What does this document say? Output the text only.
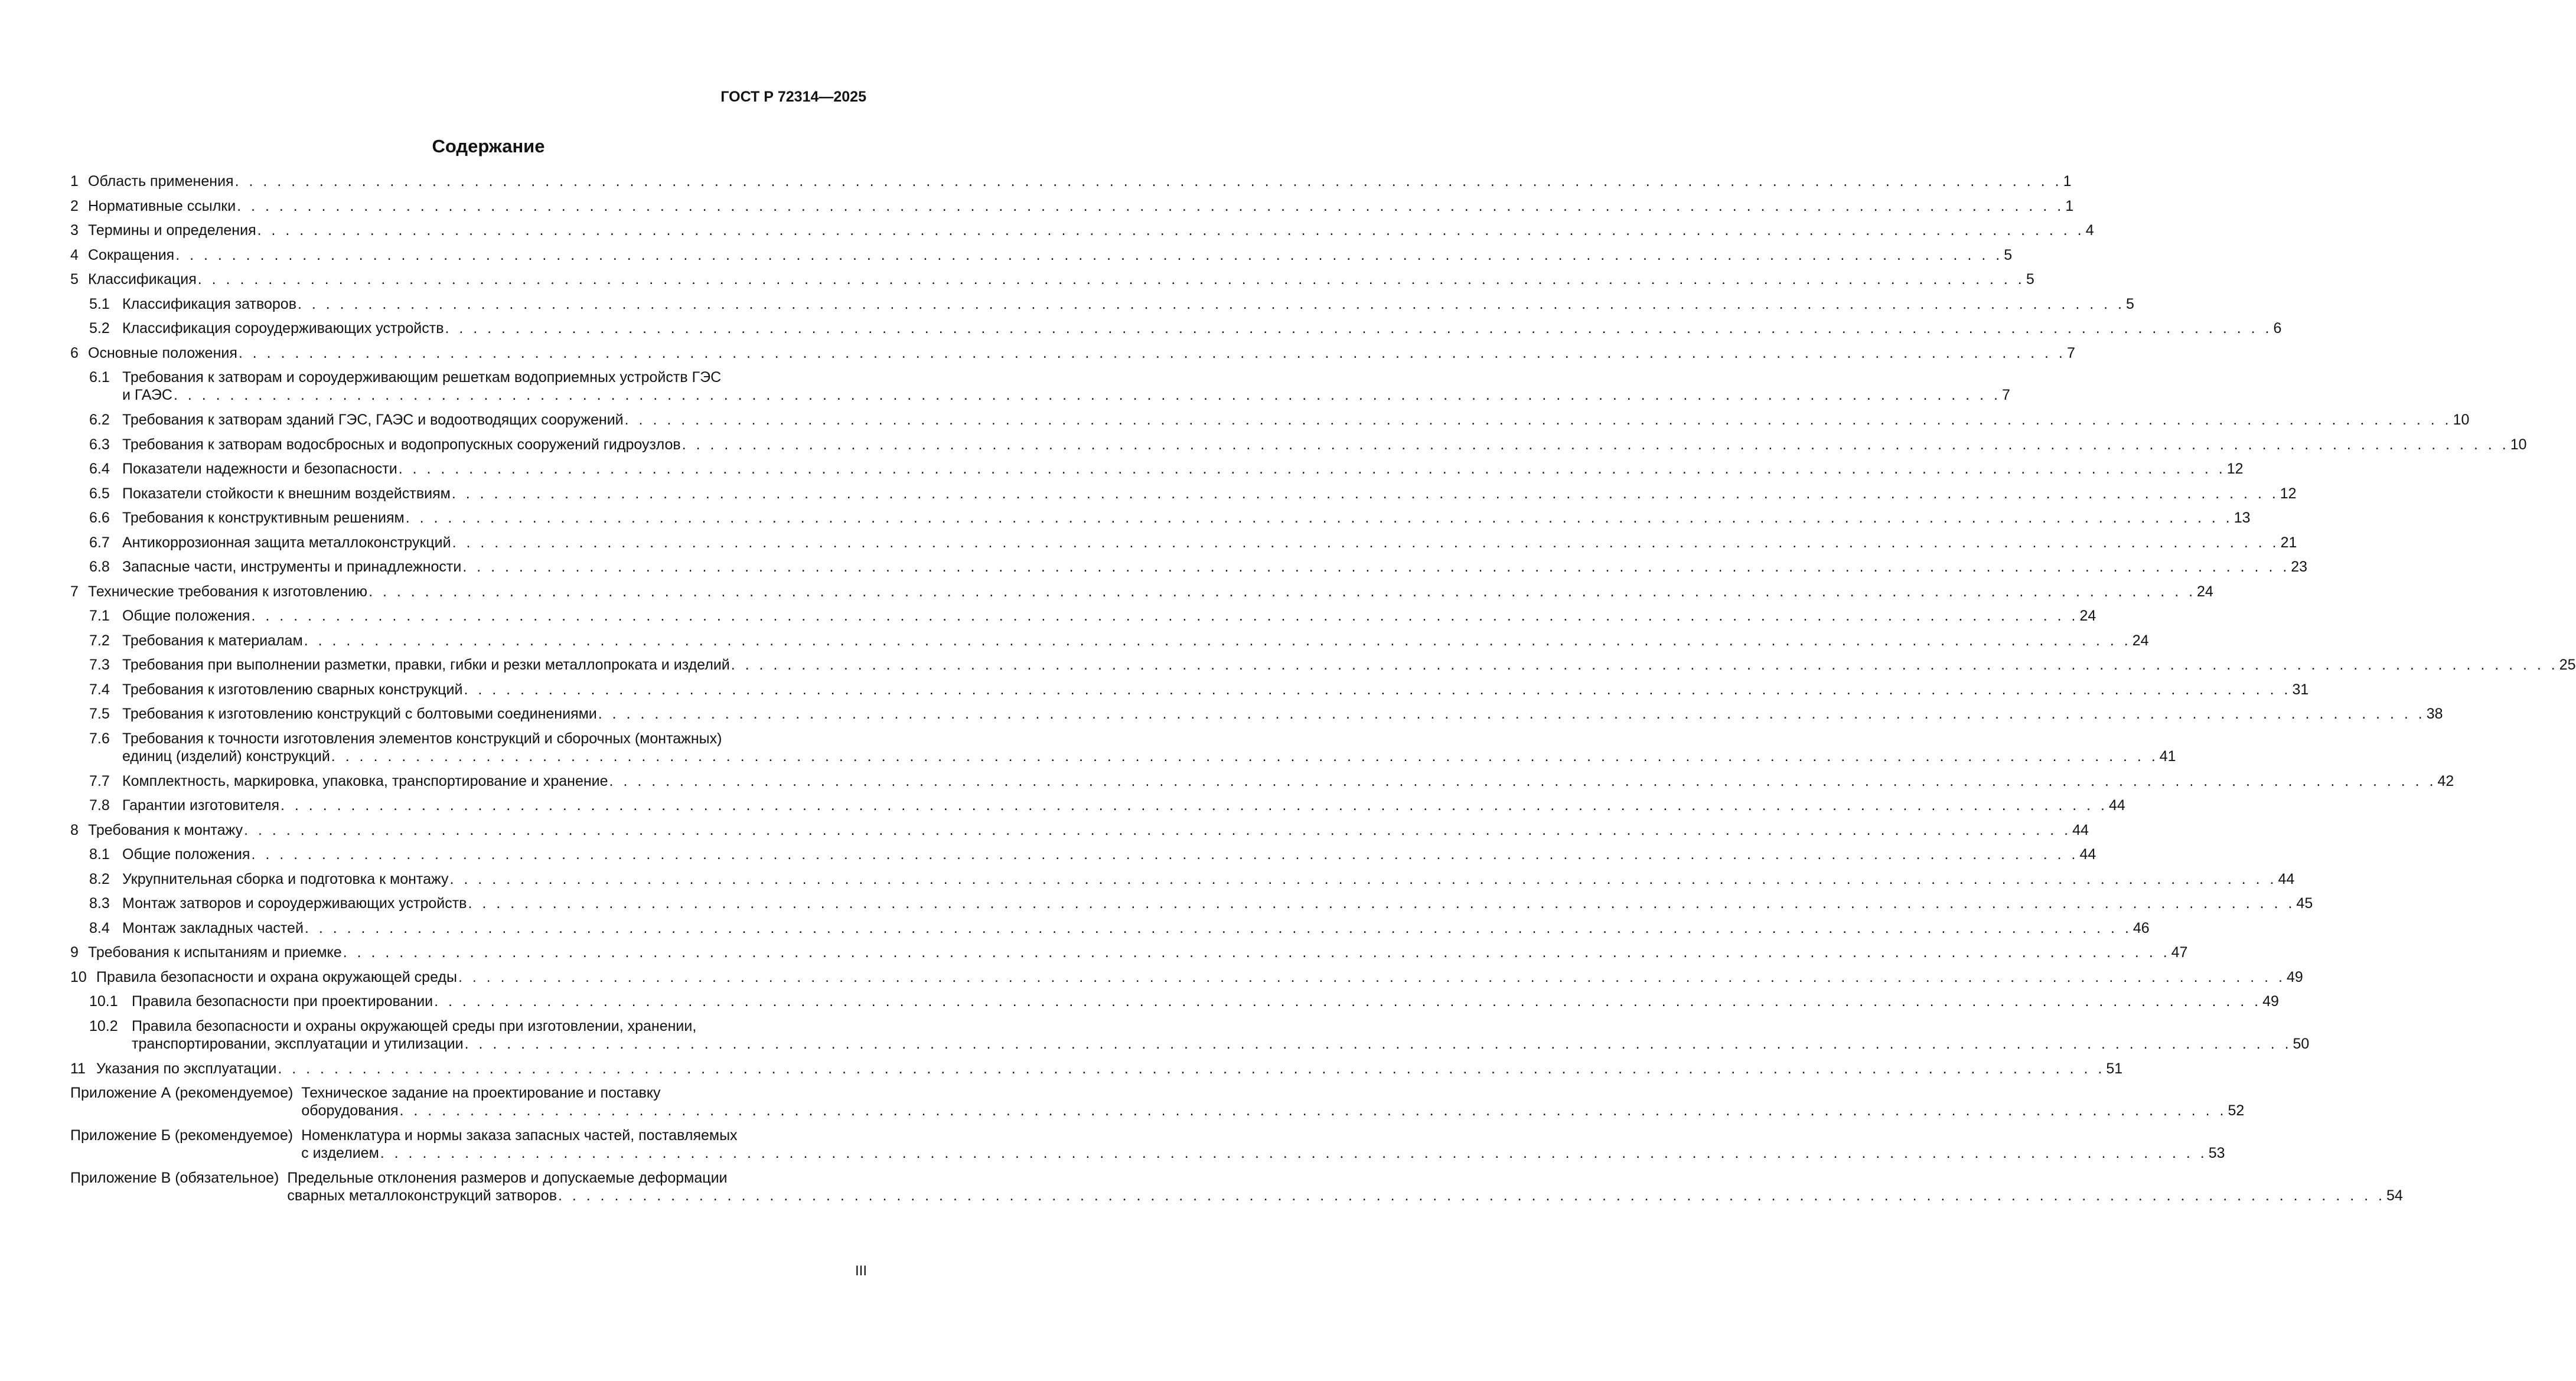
ГОСТ Р 72314—2025
Содержание
1 Область применения . . . . . . . . . . . . . . . . . . . . . . . . . . . . . . . . . . . . . . . . . . . . . . . . . . . . . . . . . . . . . . . . . . . . . . . . . . . . . . . . . . . . . . . . . . . . . . . . . . . . . . . . . . . . . . . . . . . . . . . . . . . . . . . . . . 1
2 Нормативные ссылки . . . . . . . . . . . . . . . . . . . . . . . . . . . . . . . . . . . . . . . . . . . . . . . . . . . . . . . . . . . . . . . . . . . . . . . . . . . . . . . . . . . . . . . . . . . . . . . . . . . . . . . . . . . . . . . . . . . . . . . . . . . . . . . . . . 1
3 Термины и определения . . . . . . . . . . . . . . . . . . . . . . . . . . . . . . . . . . . . . . . . . . . . . . . . . . . . . . . . . . . . . . . . . . . . . . . . . . . . . . . . . . . . . . . . . . . . . . . . . . . . . . . . . . . . . . . . . . . . . . . . . . . . . . . . . . 4
4 Сокращения . . . . . . . . . . . . . . . . . . . . . . . . . . . . . . . . . . . . . . . . . . . . . . . . . . . . . . . . . . . . . . . . . . . . . . . . . . . . . . . . . . . . . . . . . . . . . . . . . . . . . . . . . . . . . . . . . . . . . . . . . . . . . . . . . . 5
5 Классификация . . . . . . . . . . . . . . . . . . . . . . . . . . . . . . . . . . . . . . . . . . . . . . . . . . . . . . . . . . . . . . . . . . . . . . . . . . . . . . . . . . . . . . . . . . . . . . . . . . . . . . . . . . . . . . . . . . . . . . . . . . . . . . . . . . 5
5.1 Классификация затворов . . . . . . . . . . . . . . . . . . . . . . . . . . . . . . . . . . . . . . . . . . . . . . . . . . . . . . . . . . . . . . . . . . . . . . . . . . . . . . . . . . . . . . . . . . . . . . . . . . . . . . . . . . . . . . . . . . . . . . . . . . . . . . . . . . 5
5.2 Классификация сороудерживающих устройств . . . . . . . . . . . . . . . . . . . . . . . . . . . . . . . . . . . . . . . . . . . . . . . . . . . . . . . . . . . . . . . . . . . . . . . . . . . . . . . . . . . . . . . . . . . . . . . . . . . . . . . . . . . . . . . . . . . . . . . . . . . . . . . . . . 6
6 Основные положения . . . . . . . . . . . . . . . . . . . . . . . . . . . . . . . . . . . . . . . . . . . . . . . . . . . . . . . . . . . . . . . . . . . . . . . . . . . . . . . . . . . . . . . . . . . . . . . . . . . . . . . . . . . . . . . . . . . . . . . . . . . . . . . . . . 7
6.1 Требования к затворам и сороудерживающим решеткам водоприемных устройств ГЭС
и ГАЭС . . . . . . . . . . . . . . . . . . . . . . . . . . . . . . . . . . . . . . . . . . . . . . . . . . . . . . . . . . . . . . . . . . . . . . . . . . . . . . . . . . . . . . . . . . . . . . . . . . . . . . . . . . . . . . . . . . . . . . . . . . . . . . . . . . 7
6.2 Требования к затворам зданий ГЭС, ГАЭС и водоотводящих сооружений . . . . . . . . . . . . . . . . . . . . . . . . . . . . . . . . . . . . . . . . . . . . . . . . . . . . . . . . . . . . . . . . . . . . . . . . . . . . . . . . . . . . . . . . . . . . . . . . . . . . . . . . . . . . . . . . . . . . . . . . . . . . . . . . . . 10
6.3 Требования к затворам водосбросных и водопропускных сооружений гидроузлов . . . . . . . . . . . . . . . . . . . . . . . . . . . . . . . . . . . . . . . . . . . . . . . . . . . . . . . . . . . . . . . . . . . . . . . . . . . . . . . . . . . . . . . . . . . . . . . . . . . . . . . . . . . . . . . . . . . . . . . . . . . . . . . . . . 10
6.4 Показатели надежности и безопасности . . . . . . . . . . . . . . . . . . . . . . . . . . . . . . . . . . . . . . . . . . . . . . . . . . . . . . . . . . . . . . . . . . . . . . . . . . . . . . . . . . . . . . . . . . . . . . . . . . . . . . . . . . . . . . . . . . . . . . . . . . . . . . . . . . 12
6.5 Показатели стойкости к внешним воздействиям . . . . . . . . . . . . . . . . . . . . . . . . . . . . . . . . . . . . . . . . . . . . . . . . . . . . . . . . . . . . . . . . . . . . . . . . . . . . . . . . . . . . . . . . . . . . . . . . . . . . . . . . . . . . . . . . . . . . . . . . . . . . . . . . . . 12
6.6 Требования к конструктивным решениям . . . . . . . . . . . . . . . . . . . . . . . . . . . . . . . . . . . . . . . . . . . . . . . . . . . . . . . . . . . . . . . . . . . . . . . . . . . . . . . . . . . . . . . . . . . . . . . . . . . . . . . . . . . . . . . . . . . . . . . . . . . . . . . . . . 13
6.7 Антикоррозионная защита металлоконструкций . . . . . . . . . . . . . . . . . . . . . . . . . . . . . . . . . . . . . . . . . . . . . . . . . . . . . . . . . . . . . . . . . . . . . . . . . . . . . . . . . . . . . . . . . . . . . . . . . . . . . . . . . . . . . . . . . . . . . . . . . . . . . . . . . . 21
6.8 Запасные части, инструменты и принадлежности . . . . . . . . . . . . . . . . . . . . . . . . . . . . . . . . . . . . . . . . . . . . . . . . . . . . . . . . . . . . . . . . . . . . . . . . . . . . . . . . . . . . . . . . . . . . . . . . . . . . . . . . . . . . . . . . . . . . . . . . . . . . . . . . . . 23
7 Технические требования к изготовлению . . . . . . . . . . . . . . . . . . . . . . . . . . . . . . . . . . . . . . . . . . . . . . . . . . . . . . . . . . . . . . . . . . . . . . . . . . . . . . . . . . . . . . . . . . . . . . . . . . . . . . . . . . . . . . . . . . . . . . . . . . . . . . . . . . 24
7.1 Общие положения . . . . . . . . . . . . . . . . . . . . . . . . . . . . . . . . . . . . . . . . . . . . . . . . . . . . . . . . . . . . . . . . . . . . . . . . . . . . . . . . . . . . . . . . . . . . . . . . . . . . . . . . . . . . . . . . . . . . . . . . . . . . . . . . . . 24
7.2 Требования к материалам . . . . . . . . . . . . . . . . . . . . . . . . . . . . . . . . . . . . . . . . . . . . . . . . . . . . . . . . . . . . . . . . . . . . . . . . . . . . . . . . . . . . . . . . . . . . . . . . . . . . . . . . . . . . . . . . . . . . . . . . . . . . . . . . . . 24
7.3 Требования при выполнении разметки, правки, гибки и резки металлопроката и изделий . . . . . . . . . . . . . . . . . . . . . . . . . . . . . . . . . . . . . . . . . . . . . . . . . . . . . . . . . . . . . . . . . . . . . . . . . . . . . . . . . . . . . . . . . . . . . . . . . . . . . . . . . . . . . . . . . . . . . . . . . . . . . . . . . . 25
7.4 Требования к изготовлению сварных конструкций . . . . . . . . . . . . . . . . . . . . . . . . . . . . . . . . . . . . . . . . . . . . . . . . . . . . . . . . . . . . . . . . . . . . . . . . . . . . . . . . . . . . . . . . . . . . . . . . . . . . . . . . . . . . . . . . . . . . . . . . . . . . . . . . . . 31
7.5 Требования к изготовлению конструкций с болтовыми соединениями . . . . . . . . . . . . . . . . . . . . . . . . . . . . . . . . . . . . . . . . . . . . . . . . . . . . . . . . . . . . . . . . . . . . . . . . . . . . . . . . . . . . . . . . . . . . . . . . . . . . . . . . . . . . . . . . . . . . . . . . . . . . . . . . . . 38
7.6 Требования к точности изготовления элементов конструкций и сборочных (монтажных)
единиц (изделий) конструкций . . . . . . . . . . . . . . . . . . . . . . . . . . . . . . . . . . . . . . . . . . . . . . . . . . . . . . . . . . . . . . . . . . . . . . . . . . . . . . . . . . . . . . . . . . . . . . . . . . . . . . . . . . . . . . . . . . . . . . . . . . . . . . . . . . 41
7.7 Комплектность, маркировка, упаковка, транспортирование и хранение . . . . . . . . . . . . . . . . . . . . . . . . . . . . . . . . . . . . . . . . . . . . . . . . . . . . . . . . . . . . . . . . . . . . . . . . . . . . . . . . . . . . . . . . . . . . . . . . . . . . . . . . . . . . . . . . . . . . . . . . . . . . . . . . . . 42
7.8 Гарантии изготовителя . . . . . . . . . . . . . . . . . . . . . . . . . . . . . . . . . . . . . . . . . . . . . . . . . . . . . . . . . . . . . . . . . . . . . . . . . . . . . . . . . . . . . . . . . . . . . . . . . . . . . . . . . . . . . . . . . . . . . . . . . . . . . . . . . . 44
8 Требования к монтажу . . . . . . . . . . . . . . . . . . . . . . . . . . . . . . . . . . . . . . . . . . . . . . . . . . . . . . . . . . . . . . . . . . . . . . . . . . . . . . . . . . . . . . . . . . . . . . . . . . . . . . . . . . . . . . . . . . . . . . . . . . . . . . . . . . 44
8.1 Общие положения . . . . . . . . . . . . . . . . . . . . . . . . . . . . . . . . . . . . . . . . . . . . . . . . . . . . . . . . . . . . . . . . . . . . . . . . . . . . . . . . . . . . . . . . . . . . . . . . . . . . . . . . . . . . . . . . . . . . . . . . . . . . . . . . . . 44
8.2 Укрупнительная сборка и подготовка к монтажу . . . . . . . . . . . . . . . . . . . . . . . . . . . . . . . . . . . . . . . . . . . . . . . . . . . . . . . . . . . . . . . . . . . . . . . . . . . . . . . . . . . . . . . . . . . . . . . . . . . . . . . . . . . . . . . . . . . . . . . . . . . . . . . . . . 44
8.3 Монтаж затворов и сороудерживающих устройств . . . . . . . . . . . . . . . . . . . . . . . . . . . . . . . . . . . . . . . . . . . . . . . . . . . . . . . . . . . . . . . . . . . . . . . . . . . . . . . . . . . . . . . . . . . . . . . . . . . . . . . . . . . . . . . . . . . . . . . . . . . . . . . . . . 45
8.4 Монтаж закладных частей . . . . . . . . . . . . . . . . . . . . . . . . . . . . . . . . . . . . . . . . . . . . . . . . . . . . . . . . . . . . . . . . . . . . . . . . . . . . . . . . . . . . . . . . . . . . . . . . . . . . . . . . . . . . . . . . . . . . . . . . . . . . . . . . . . 46
9 Требования к испытаниям и приемке . . . . . . . . . . . . . . . . . . . . . . . . . . . . . . . . . . . . . . . . . . . . . . . . . . . . . . . . . . . . . . . . . . . . . . . . . . . . . . . . . . . . . . . . . . . . . . . . . . . . . . . . . . . . . . . . . . . . . . . . . . . . . . . . . . 47
10 Правила безопасности и охрана окружающей среды . . . . . . . . . . . . . . . . . . . . . . . . . . . . . . . . . . . . . . . . . . . . . . . . . . . . . . . . . . . . . . . . . . . . . . . . . . . . . . . . . . . . . . . . . . . . . . . . . . . . . . . . . . . . . . . . . . . . . . . . . . . . . . . . . . 49
10.1 Правила безопасности при проектировании . . . . . . . . . . . . . . . . . . . . . . . . . . . . . . . . . . . . . . . . . . . . . . . . . . . . . . . . . . . . . . . . . . . . . . . . . . . . . . . . . . . . . . . . . . . . . . . . . . . . . . . . . . . . . . . . . . . . . . . . . . . . . . . . . . 49
10.2 Правила безопасности и охраны окружающей среды при изготовлении, хранении,
транспортировании, эксплуатации и утилизации . . . . . . . . . . . . . . . . . . . . . . . . . . . . . . . . . . . . . . . . . . . . . . . . . . . . . . . . . . . . . . . . . . . . . . . . . . . . . . . . . . . . . . . . . . . . . . . . . . . . . . . . . . . . . . . . . . . . . . . . . . . . . . . . . . 50
11 Указания по эксплуатации . . . . . . . . . . . . . . . . . . . . . . . . . . . . . . . . . . . . . . . . . . . . . . . . . . . . . . . . . . . . . . . . . . . . . . . . . . . . . . . . . . . . . . . . . . . . . . . . . . . . . . . . . . . . . . . . . . . . . . . . . . . . . . . . . . 51
Приложение А (рекомендуемое) Техническое задание на проектирование и поставку
оборудования . . . . . . . . . . . . . . . . . . . . . . . . . . . . . . . . . . . . . . . . . . . . . . . . . . . . . . . . . . . . . . . . . . . . . . . . . . . . . . . . . . . . . . . . . . . . . . . . . . . . . . . . . . . . . . . . . . . . . . . . . . . . . . . . . . 52
Приложение Б (рекомендуемое) Номенклатура и нормы заказа запасных частей, поставляемых
с изделием . . . . . . . . . . . . . . . . . . . . . . . . . . . . . . . . . . . . . . . . . . . . . . . . . . . . . . . . . . . . . . . . . . . . . . . . . . . . . . . . . . . . . . . . . . . . . . . . . . . . . . . . . . . . . . . . . . . . . . . . . . . . . . . . . . 53
Приложение В (обязательное) Предельные отклонения размеров и допускаемые деформации
сварных металлоконструкций затворов . . . . . . . . . . . . . . . . . . . . . . . . . . . . . . . . . . . . . . . . . . . . . . . . . . . . . . . . . . . . . . . . . . . . . . . . . . . . . . . . . . . . . . . . . . . . . . . . . . . . . . . . . . . . . . . . . . . . . . . . . . . . . . . . . . 54
III
